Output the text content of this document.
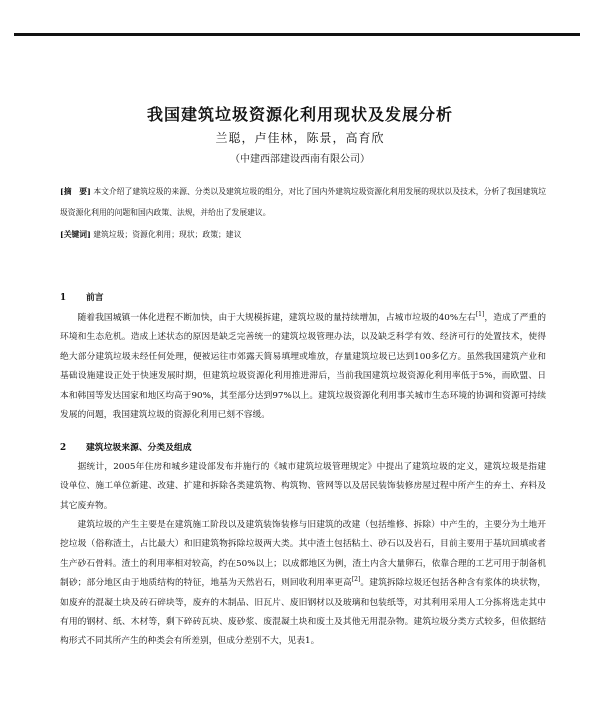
我国建筑垃圾资源化利用现状及发展分析
兰聪，卢佳林，陈景，高育欣
（中建西部建设西南有限公司）
[摘　要] 本文介绍了建筑垃圾的来源、分类以及建筑垃圾的组分，对比了国内外建筑垃圾资源化利用发展的现状以及技术，分析了我国建筑垃圾资源化利用的问题和国内政策、法规，并给出了发展建议。
[关键词] 建筑垃圾；资源化利用；现状；政策；建议
1 前言

随着我国城镇一体化进程不断加快，由于大规模拆建，建筑垃圾的量持续增加，占城市垃圾的40%左右[1]，造成了严重的环境和生态危机。造成上述状态的原因是缺乏完善统一的建筑垃圾管理办法，以及缺乏科学有效、经济可行的处置技术，使得绝大部分建筑垃圾未经任何处理，便被运往市郊露天简易填埋或堆放，存量建筑垃圾已达到100多亿方。虽然我国建筑产业和基础设施建设正处于快速发展时期，但建筑垃圾资源化利用推进滞后，当前我国建筑垃圾资源化利用率低于5%，而欧盟、日本和韩国等发达国家和地区均高于90%，其至部分达到97%以上。建筑垃圾资源化利用事关城市生态环境的协调和资源可持续发展的问题，我国建筑垃圾的资源化利用已刻不容缓。

2 建筑垃圾来源、分类及组成

据统计，2005年住房和城乡建设部发布并施行的《城市建筑垃圾管理规定》中提出了建筑垃圾的定义，建筑垃圾是指建设单位、施工单位新建、改建、扩建和拆除各类建筑物、构筑物、管网等以及居民装饰装修房屋过程中所产生的弃土、弃料及其它废弃物。

建筑垃圾的产生主要是在建筑施工阶段以及建筑装饰装修与旧建筑的改建（包括维修、拆除）中产生的，主要分为土地开挖垃圾（俗称渣土，占比最大）和旧建筑物拆除垃圾两大类。其中渣土包括粘土、砂石以及岩石，目前主要用于基坑回填或者生产砂石骨料。渣土的利用率相对较高，约在50%以上；以成都地区为例，渣土内含大量卵石，依靠合理的工艺可用于制备机制砂；部分地区由于地质结构的特征，地基为天然岩石，则回收利用率更高[2]。建筑拆除垃圾还包括各种含有浆体的块状物，如废弃的混凝土块及砖石碎块等，废弃的木制品、旧瓦片、废旧钢材以及玻璃和包装纸等，对其利用采用人工分拣将选走其中有用的钢材、纸、木材等，剩下碎砖瓦块、废砂浆、废混凝土块和废土及其他无用混杂物。建筑垃圾分类方式较多，但依据结构形式不同其所产生的种类会有所差别，但成分差别不大，见表1。
